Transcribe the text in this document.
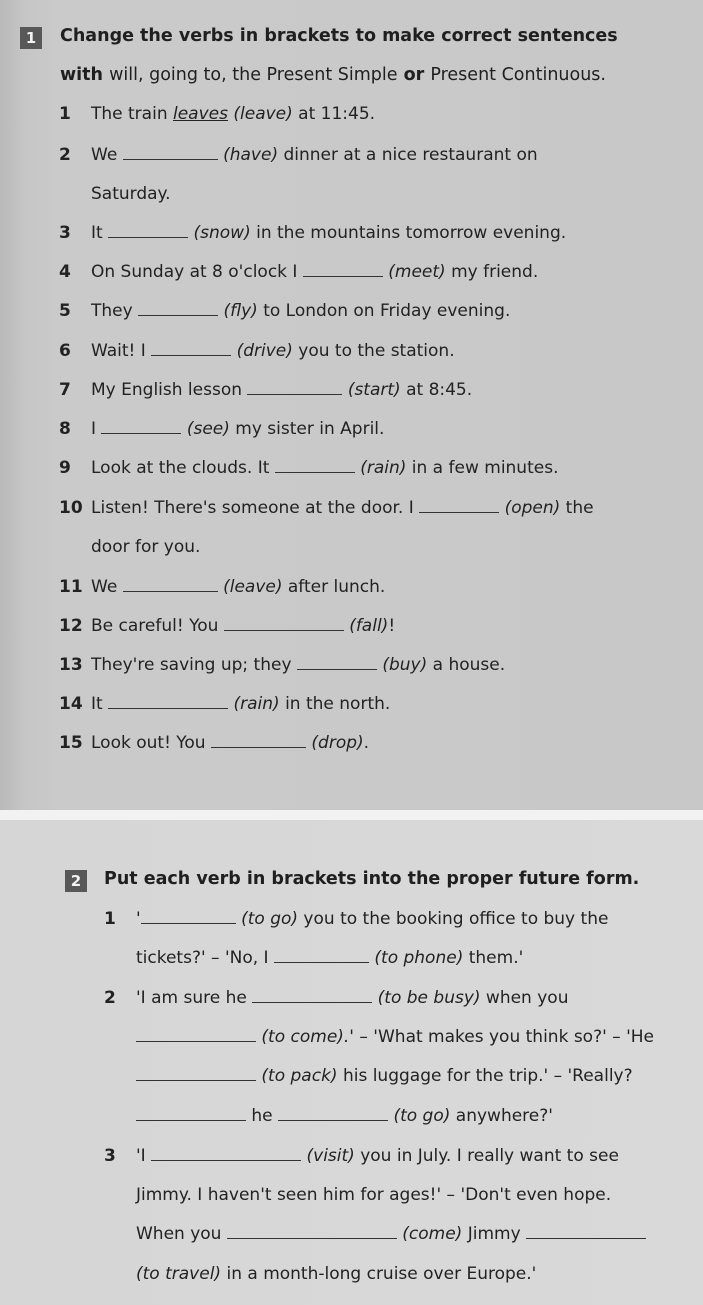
1	Change the verbs in brackets to make correct sentences
with will, going to, the Present Simple or Present Continuous.
1 The train leaves (leave) at 11:45.
2 We	(have) dinner at a nice restaurant on
Saturday.
3 It	(snow) in the mountains tomorrow evening.
4 On Sunday at 8 o'clock I	(meet) my friend.
5 They	(fly) to London on Friday evening.
6 Wait! I	(drive) you to the station.
7 My English lesson	(start) at 8:45.
8 I	(see) my sister in April.
9 Look at the clouds. It	(rain) in a few minutes.
10 Listen! There's someone at the door. I	(open) the
door for you.
11 We	(leave) after lunch.
12 Be careful! You	(fall)!
13 They're saving up; they	(buy) a house.
14 It	(rain) in the north.
15 Look out! You	(drop).
2	Put each verb in brackets into the proper future form.
1 '	(to go) you to the booking office to buy the
tickets?' – 'No, I	(to phone) them.'
2 'I am sure he	(to be busy) when you
(to come).' – 'What makes you think so?' – 'He
(to pack) his luggage for the trip.' – 'Really?
he	(to go) anywhere?'
3 'I	(visit) you in July. I really want to see
Jimmy. I haven't seen him for ages!' – 'Don't even hope.
When you	(come) Jimmy
(to travel) in a month-long cruise over Europe.'
